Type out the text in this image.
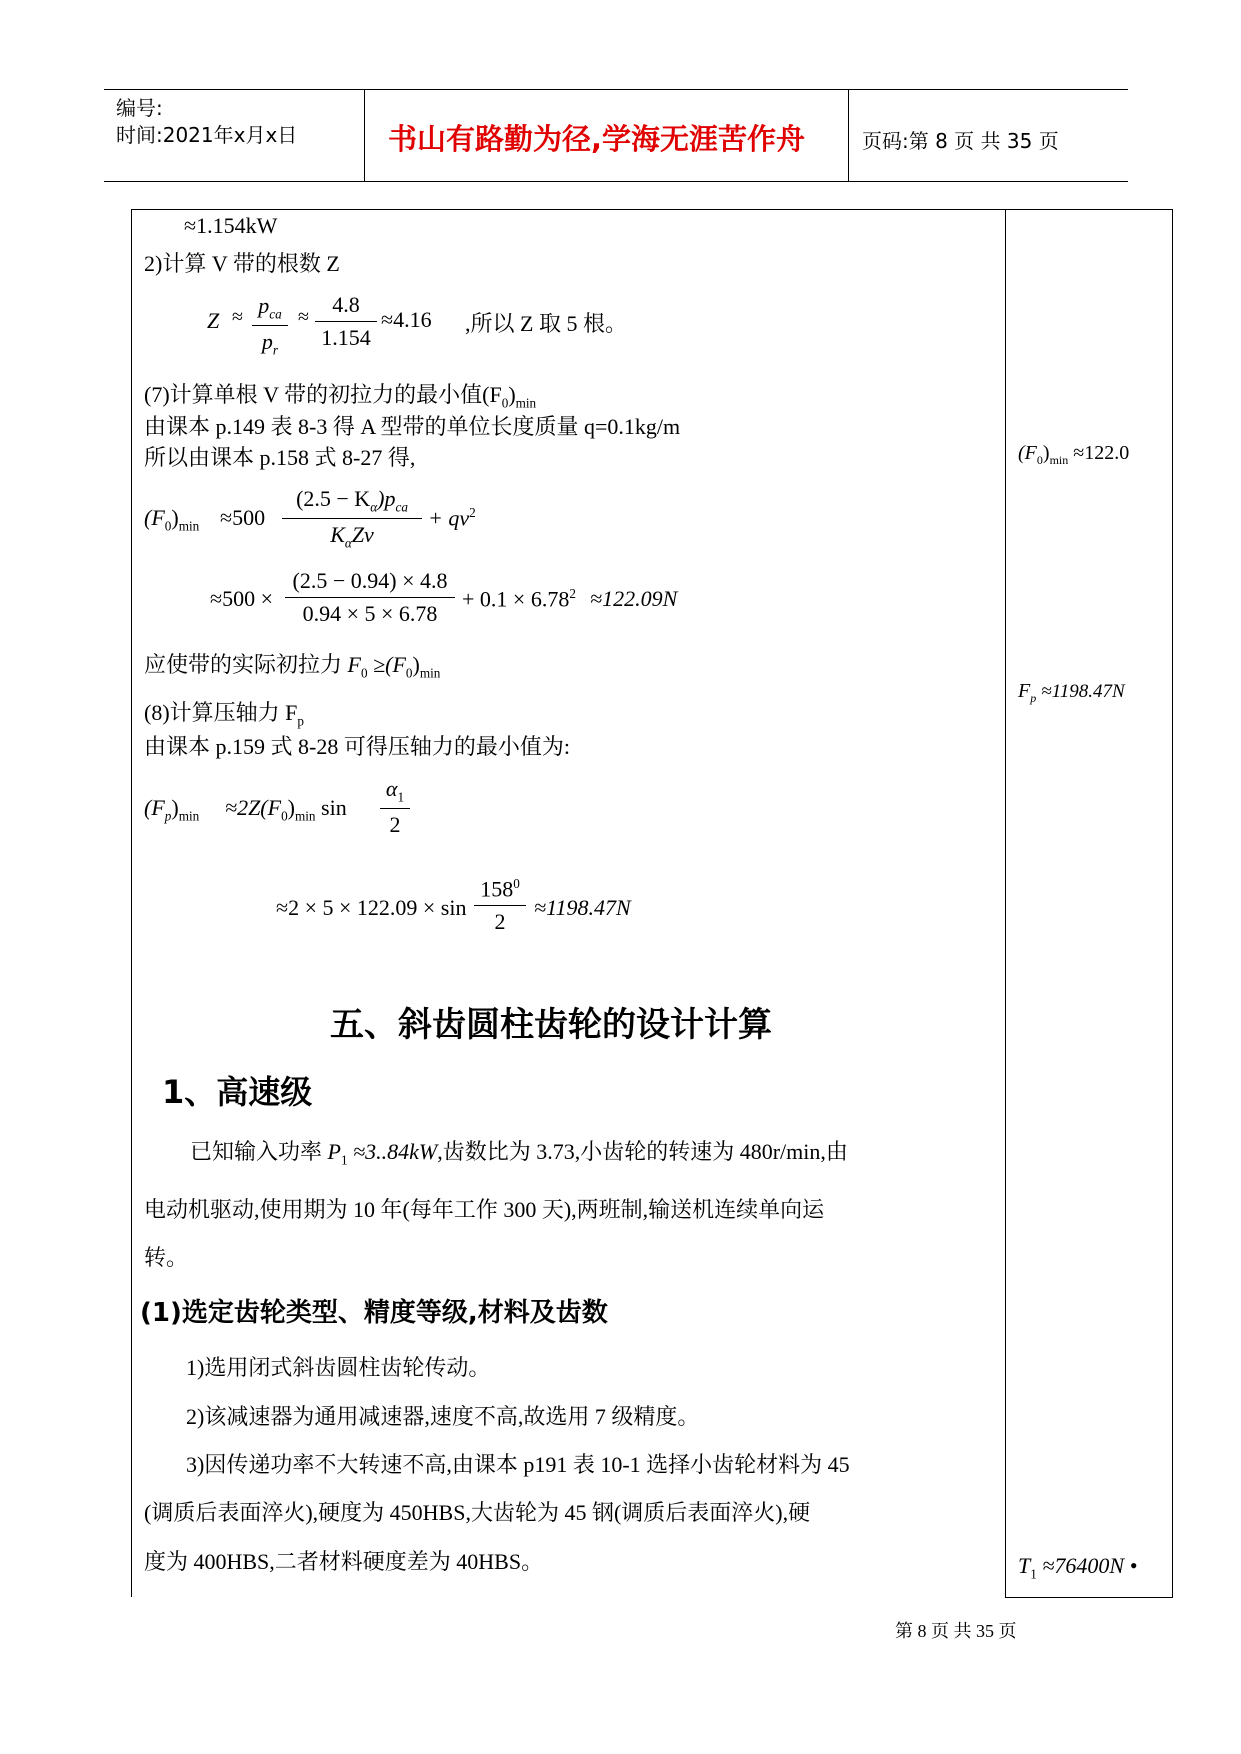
编号:
时间:2021年x月x日	书山有路勤为径,学海无涯苦作舟	页码:第 8 页 共 35 页
≈1.154kW
2)计算 V 带的根数 Z
$Z \approx p_{ca}$
$p_r$
≈	4.8
1.154
≈4.16 ,所以 Z 取 5 根。
(7)计算单根 V 带的初拉力的最小值$(F_0)_{min}$
由课本 p.149 表 8-3 得 A 型带的单位长度质量 q=0.1kg/m
所以由课本 p.158 式 8-27 得,
$(F_0)_{min} \approx 500$
$(2.5 - K_\alpha)p_{ca}$
$K_\alpha Zv$
+ $qv^2$
≈500 ×
(2.5 − 0.94) × 4.8
0.94 × 5 × 6.78
+ $0.1 \times 6.78^2 \approx 122.09N$
应使带的实际初拉力 $F_0 \ge(F_0)_{min}$
(8)计算压轴力 $F_p$
由课本 p.159 式 8-28 可得压轴力的最小值为:
$(F_p)_{min} \approx 2Z(F_0)_{min}$ sin
$\alpha_1$
2
≈2 × 5 × 122.09 × sin
$158^0$
2
≈1198.47N
五、斜齿圆柱齿轮的设计计算
1、高速级
已知输入功率 $P_1 \approx 3..84kW$,齿数比为 3.73,小齿轮的转速为 480r/min,由
电动机驱动,使用期为 10 年(每年工作 300 天),两班制,输送机连续单向运
转。
(1)选定齿轮类型、精度等级,材料及齿数
1)选用闭式斜齿圆柱齿轮传动。
2)该减速器为通用减速器,速度不高,故选用 7 级精度。
3)因传递功率不大转速不高,由课本 p191 表 10-1 选择小齿轮材料为 45
(调质后表面淬火),硬度为 450HBS,大齿轮为 45 钢(调质后表面淬火),硬
度为 400HBS,二者材料硬度差为 40HBS。
$(F_0)_{min} \approx 122.0$
$F_p \approx 1198.47N$
$T_1 \approx 76400N$ •
第 8 页 共 35 页
